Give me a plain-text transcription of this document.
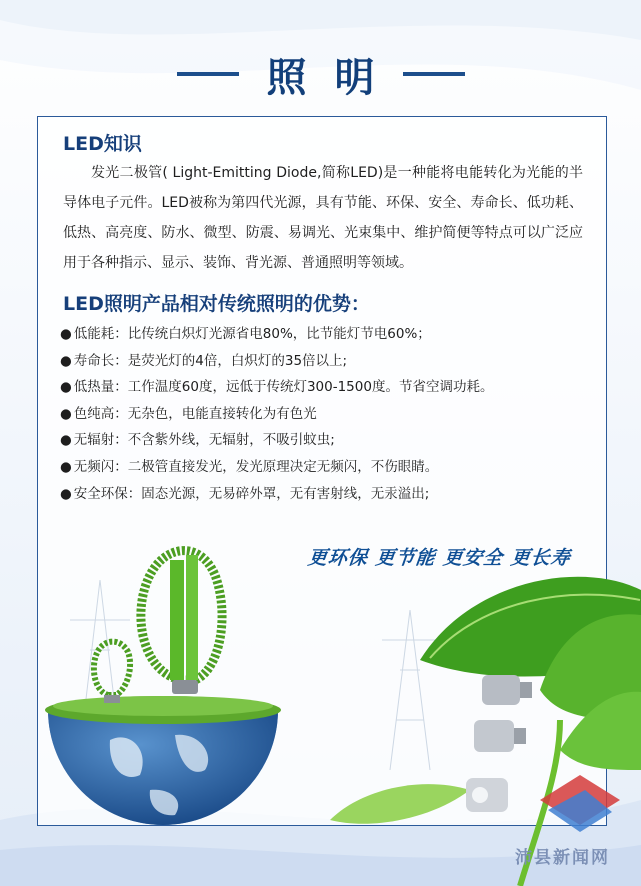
照明
LED知识
发光二极管( Light-Emitting Diode,简称LED)是一种能将电能转化为光能的半导体电子元件。LED被称为第四代光源，具有节能、环保、安全、寿命长、低功耗、低热、高亮度、防水、微型、防震、易调光、光束集中、维护简便等特点可以广泛应用于各种指示、显示、装饰、背光源、普通照明等领域。
LED照明产品相对传统照明的优势：
● 低能耗：比传统白炽灯光源省电80%，比节能灯节电60%；
● 寿命长：是荧光灯的4倍，白炽灯的35倍以上;
● 低热量：工作温度60度，远低于传统灯300-1500度。节省空调功耗。
● 色纯高：无杂色，电能直接转化为有色光
● 无辐射：不含紫外线，无辐射，不吸引蚊虫;
● 无频闪：二极管直接发光，发光原理决定无频闪，不伤眼睛。
● 安全环保：固态光源，无易碎外罩，无有害射线，无汞溢出;
更环保 更节能 更安全 更长寿
沛县新闻网
